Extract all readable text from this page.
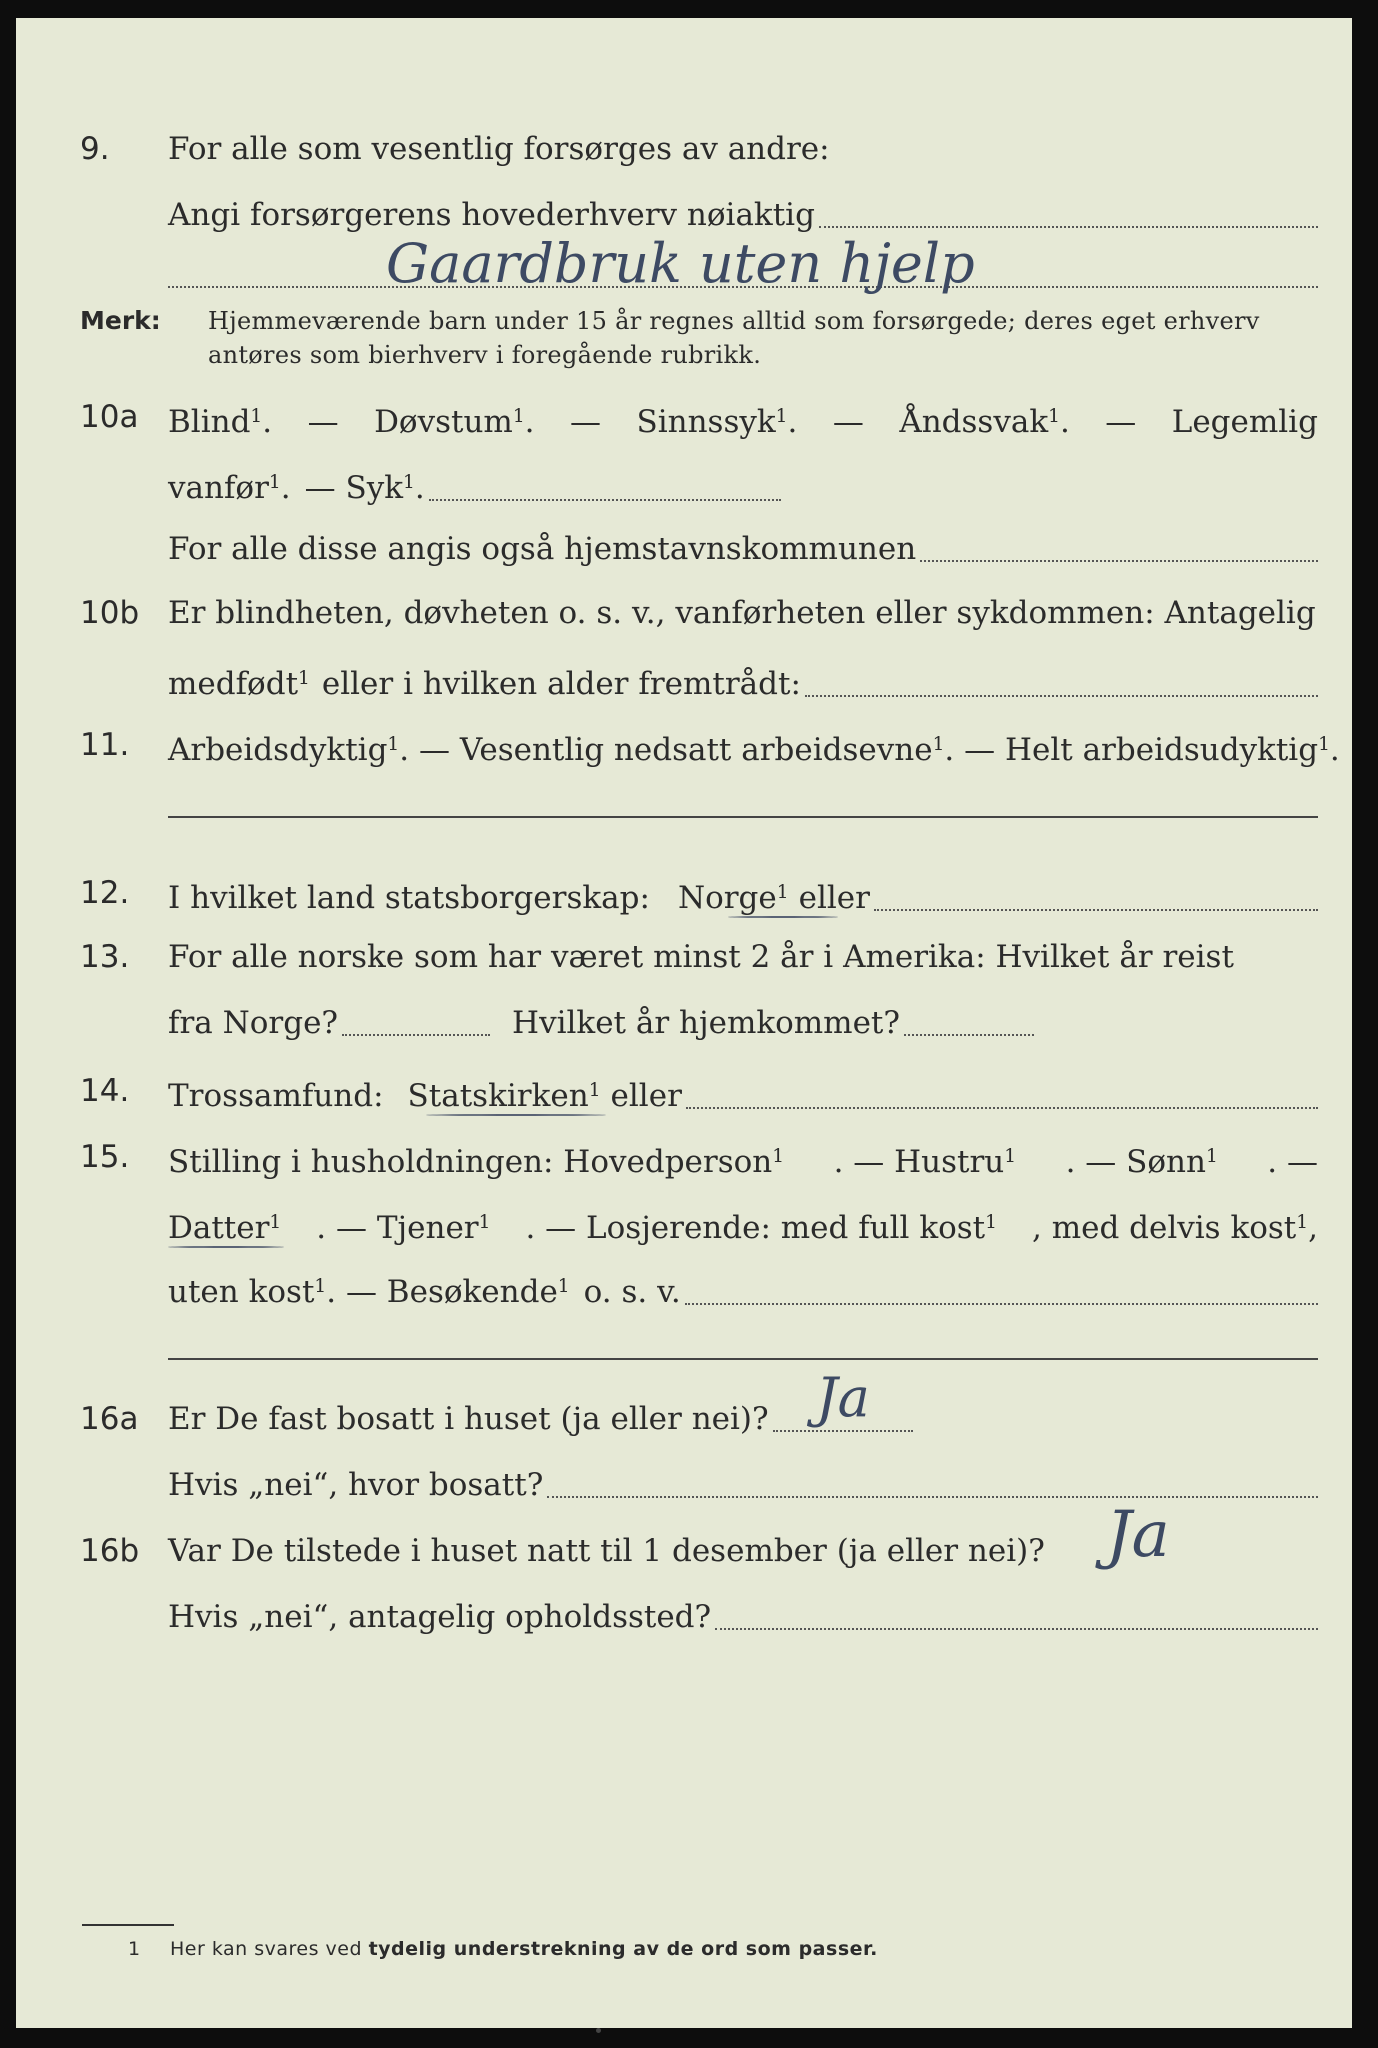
9.	For alle som vesentlig forsørges av andre:
Angi forsørgerens hovederhverv nøiaktig
Gaardbruk uten hjelp
Merk:	Hjemmeværende barn under 15 år regnes alltid som forsørgede; deres eget erhverv antøres som bierhverv i foregående rubrikk.
10a Blind$^1$. — Døvstum$^1$. — Sinnssyk$^1$. — Åndssvak$^1$. — Legemlig
vanfør$^1$. — Syk$^1$.
For alle disse angis også hjemstavnskommunen
10b Er blindheten, døvheten o. s. v., vanførheten eller sykdommen: Antagelig
medfødt$^1$ eller i hvilken alder fremtrådt:
11.	Arbeidsdyktig$^1$ . — Vesentlig nedsatt arbeidsevne$^1$ . — Helt arbeidsudyktig$^1$.
12.	I hvilket land statsborgerskap: Norge$^1$ eller
13.	For alle norske som har været minst 2 år i Amerika: Hvilket år reist
fra Norge?	Hvilket år hjemkommet?
14.	Trossamfund: Statskirken$^1$ eller
15.	Stilling i husholdningen: Hovedperson$^1$ . — Hustru$^1$ . — Sønn$^1$ . —
Datter$^1$ . — Tjener$^1$ . — Losjerende: med full kost$^1$ , med delvis kost$^1$,
uten kost$^1$ . — Besøkende$^1$ o. s. v.
16a Er De fast bosatt i huset (ja eller nei)? Ja
Hvis „nei“, hvor bosatt?
16b Var De tilstede i huset natt til 1 desember (ja eller nei)? Ja
Hvis „nei“, antagelig opholdssted?
1 Her kan svares ved tydelig understrekning av de ord som passer.
